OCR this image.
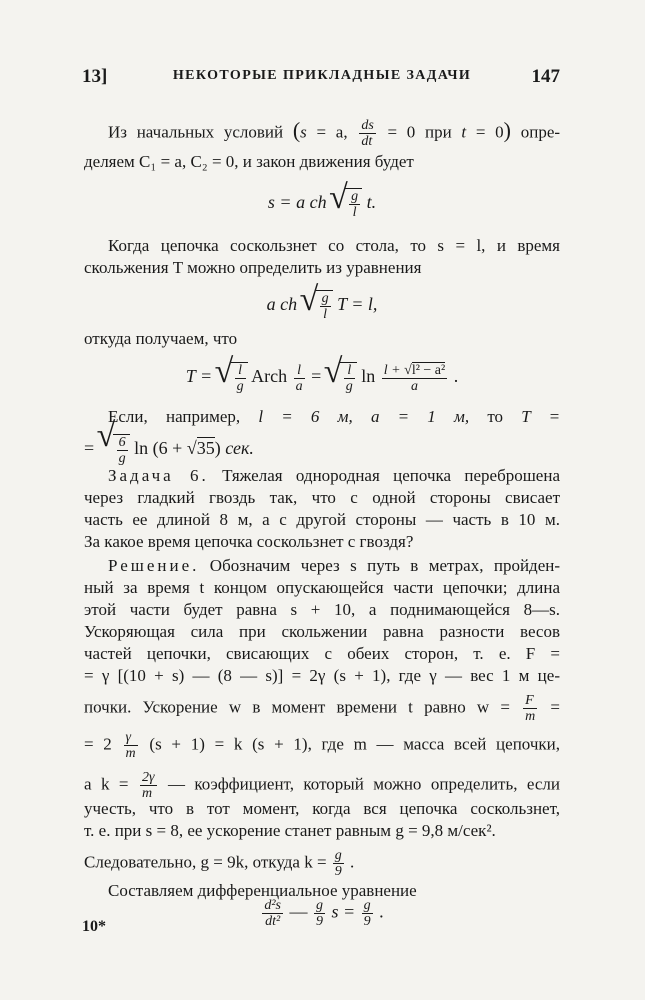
13]	НЕКОТОРЫЕ ПРИКЛАДНЫЕ ЗАДАЧИ	147
Из начальных условий (s = a, $\frac{ds}{dt} = 0$ при t = 0) опре-
деляем C₁ = a, C₂ = 0, и закон движения будет
s = a ch √ $\frac{g}{l} t$.
Когда цепочка соскользнет со стола, то s = l, и время
скольжения T можно определить из уравнения
a ch √ $\frac{g}{l}$ T = l,
откуда получаем, что
T = √ $\frac{l}{g}$ Arch $\frac{l}{a}$ = √ $\frac{l}{g}$ $\ln \frac{\text{l + √l² − a²}}{a}$ .
Если, например, l = 6 м, a = 1 м, то T =
= √ $\frac{6}{g}$ ln (6 + √35) сек.
Задача 6. Тяжелая однородная цепочка переброшена
через гладкий гвоздь так, что с одной стороны свисает
часть ее длиной 8 м, а с другой стороны — часть в 10 м.
За какое время цепочка соскользнет с гвоздя?
Решение. Обозначим через s путь в метрах, пройден-
ный за время t концом опускающейся части цепочки; длина
этой части будет равна s + 10, а поднимающейся 8—s.
Ускоряющая сила при скольжении равна разности весов
частей цепочки, свисающих с обеих сторон, т. е. F =
= γ [(10 + s) — (8 — s)] = 2γ (s + 1), где γ — вес 1 м це-
почки. Ускорение w в момент времени t равно $w = \frac{F}{m}$ =
= $2 \frac{\gamma}{m} (s + 1) = k$ (s + 1), где m — масса всей цепочки,
a $k = \frac{2\gamma}{m}$ — коэффициент, который можно определить, если
учесть, что в тот момент, когда вся цепочка соскользнет,
т. е. при s = 8, ее ускорение станет равным g = 9,8 м/сек².
Следовательно, g = 9k, откуда $k = \frac{g}{9}$ .
Составляем дифференциальное уравнение
$\frac{\text{d²s}}{\text{dt²}}$ — $\frac{g}{9}$ $s = \frac{g}{9}$ .
10*
